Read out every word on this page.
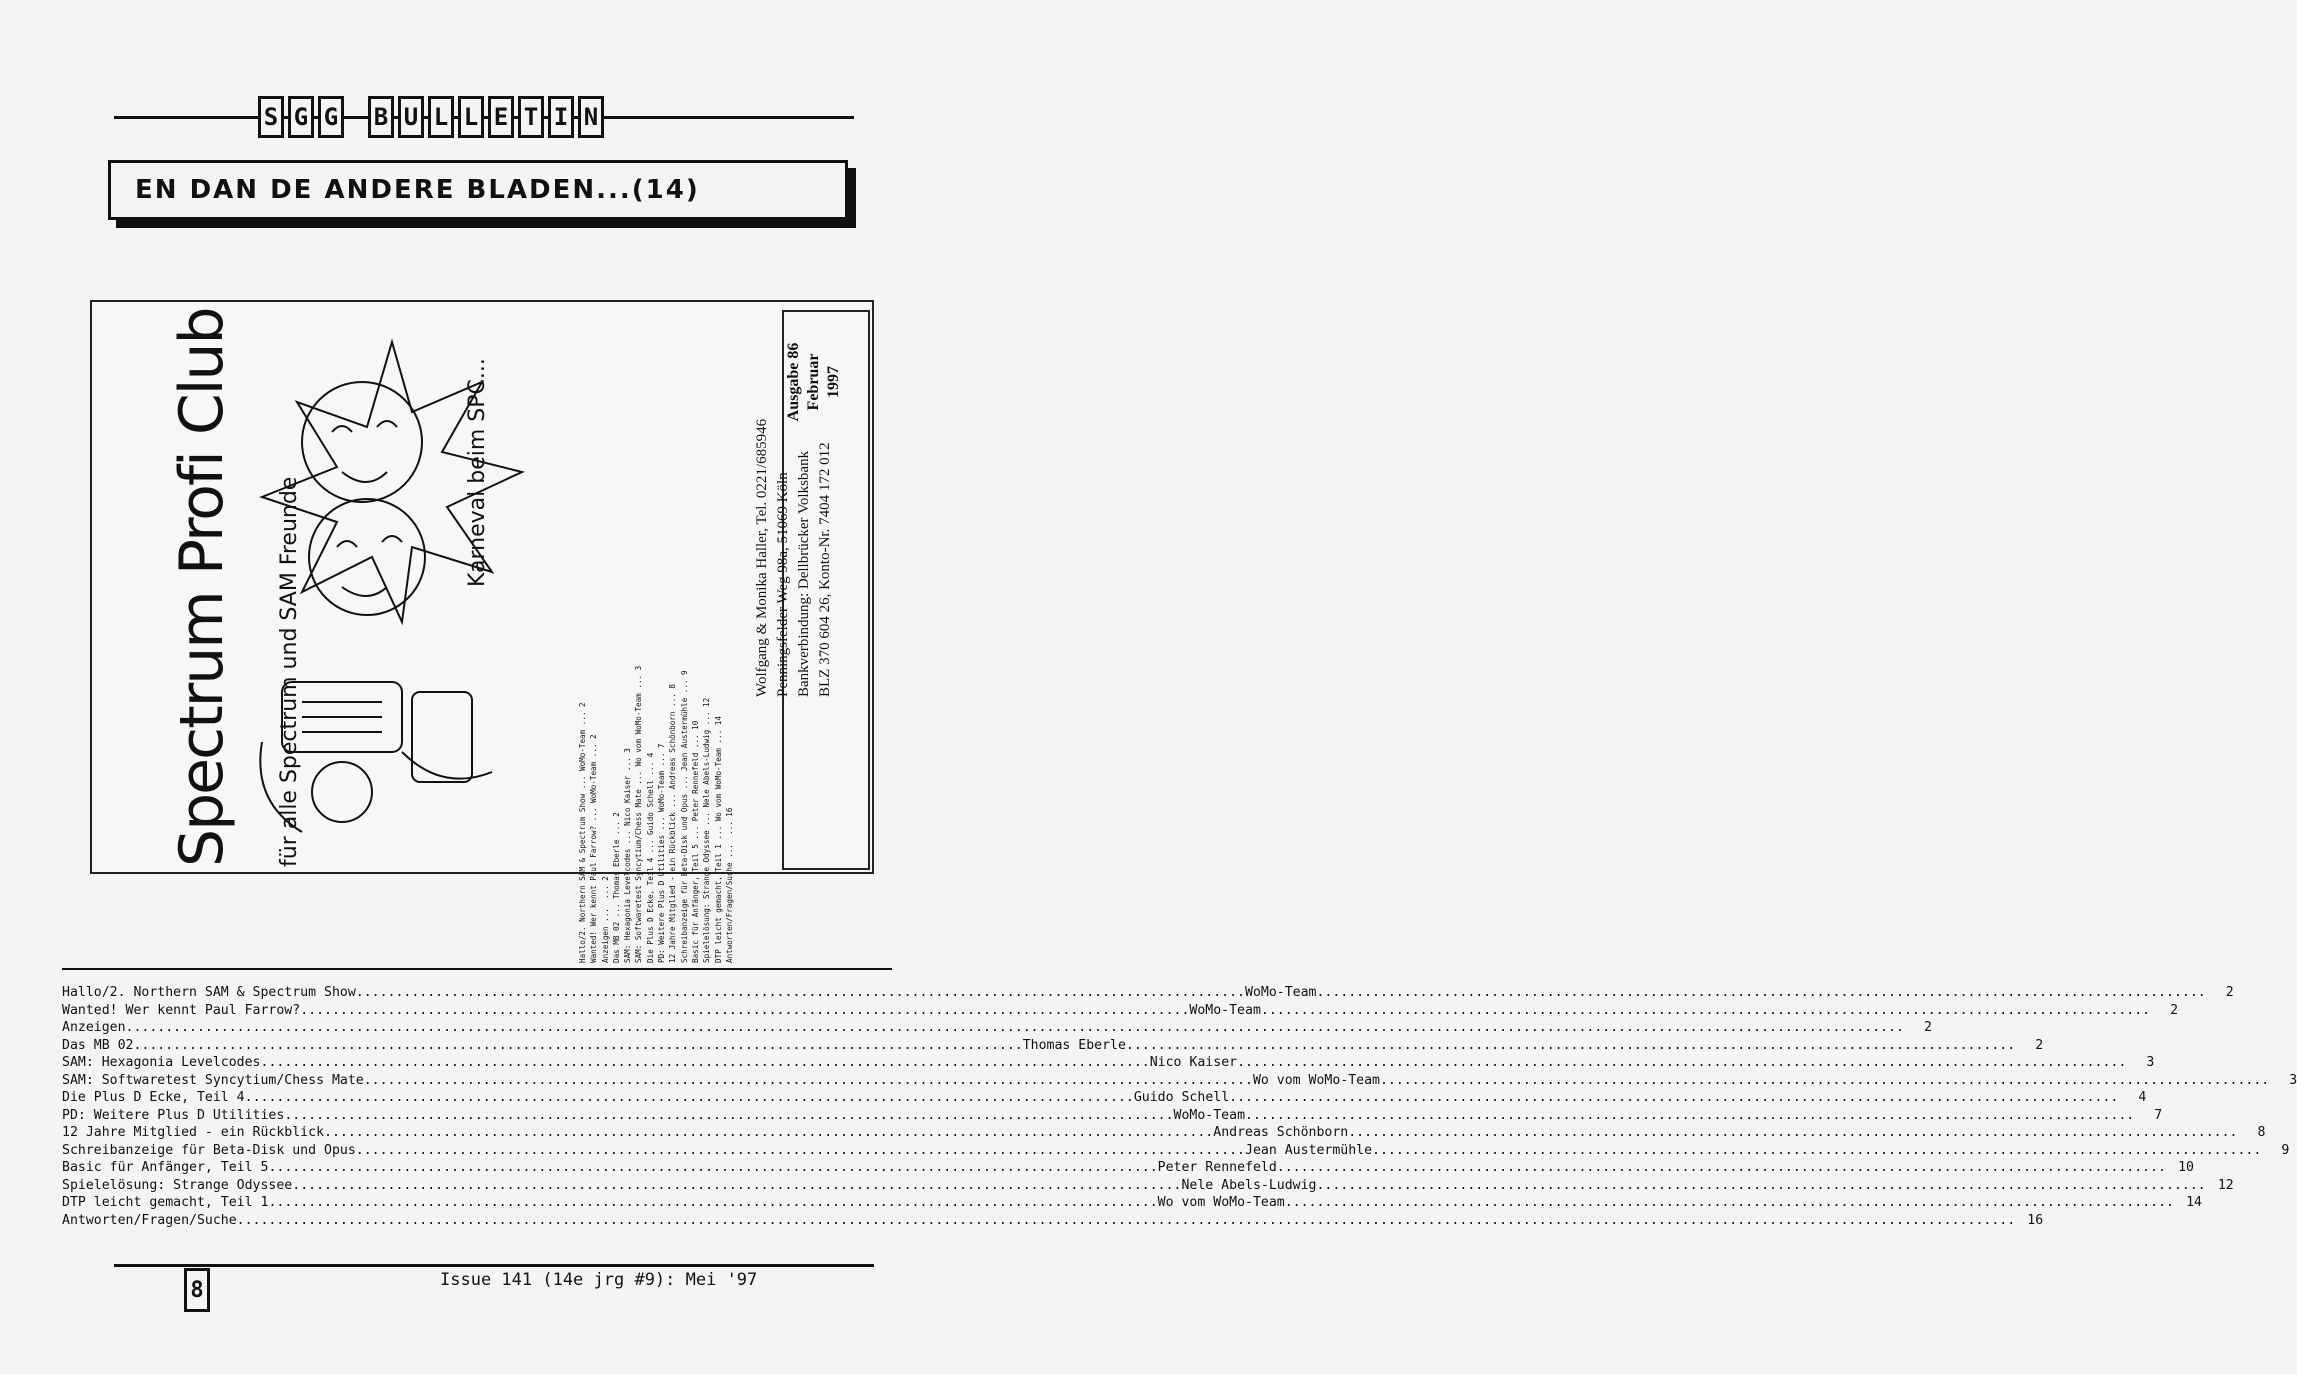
S G G B U L L E T I N
EN DAN DE ANDERE BLADEN...(14)
Spectrum Profi Club	für alle Spectrum und SAM Freunde
Karneval beim SPC...
Hallo/2. Northern SAM & Spectrum Show ... WoMo-Team ... 2
Wanted! Wer kennt Paul Farrow? ... WoMo-Team ... 2
Anzeigen ...  ... 2
Das MB 02 ... Thomas Eberle ... 2
SAM: Hexagonia Levelcodes ... Nico Kaiser ... 3
SAM: Softwaretest Syncytium/Chess Mate ... Wo vom WoMo-Team ... 3
Die Plus D Ecke, Teil 4 ... Guido Schell ... 4
PD: Weitere Plus D Utilities ... WoMo-Team ... 7
12 Jahre Mitglied - ein Rückblick ... Andreas Schönborn ... 8
Schreibanzeige für Beta-Disk und Opus ... Jean Austermühle ... 9
Basic für Anfänger, Teil 5 ... Peter Rennefeld ... 10
Spielelösung: Strange Odyssee ... Nele Abels-Ludwig ... 12
DTP leicht gemacht, Teil 1 ... Wo vom WoMo-Team ... 14
Antworten/Fragen/Suche ...  ... 16
Wolfgang & Monika Haller, Tel. 0221/685946 Penningsfelder Weg 98a, 51069 Köln Bankverbindung: Dellbrücker Volksbank BLZ 370 604 26, Konto-Nr. 7404 172 012
Ausgabe 86 Februar 1997
Hallo/2. Northern SAM & Spectrum Show .....	WoMo-Team .....	2
Wanted! Wer kennt Paul Farrow? .....	WoMo-Team .....	2
Anzeigen ..... .....	2
Das MB 02 .....	Thomas Eberle .....	2
SAM: Hexagonia Levelcodes .....	Nico Kaiser .....	3
SAM: Softwaretest Syncytium/Chess Mate .....	Wo vom WoMo-Team .....	3
Die Plus D Ecke, Teil 4 .....	Guido Schell .....	4
PD: Weitere Plus D Utilities .....	WoMo-Team .....	7
12 Jahre Mitglied - ein Rückblick .....	Andreas Schönborn .....	8
Schreibanzeige für Beta-Disk und Opus .....	Jean Austermühle .....	9
Basic für Anfänger, Teil 5 .....	Peter Rennefeld .....	10
Spielelösung: Strange Odyssee .....	Nele Abels-Ludwig .....	12
DTP leicht gemacht, Teil 1 .....	Wo vom WoMo-Team .....	14
Antworten/Fragen/Suche ..... .....	16
8	Issue 141 (14e jrg #9): Mei '97
